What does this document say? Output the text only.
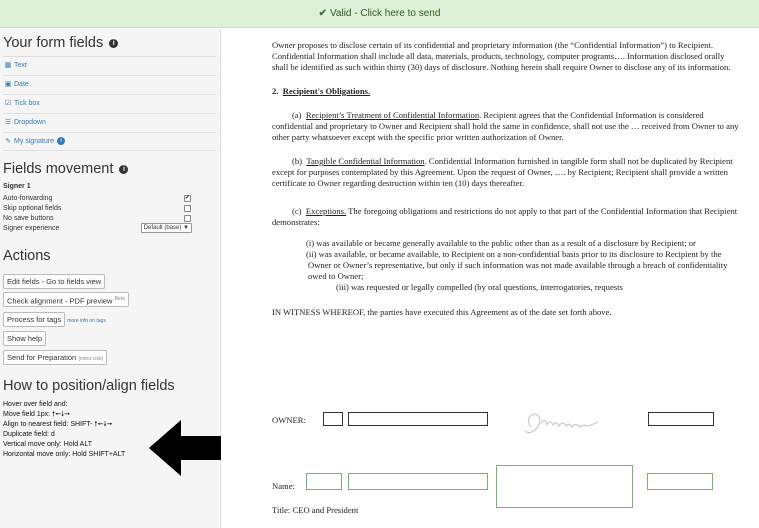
✔ Valid - Click here to send
Your form fields i
▦ Text
▣ Date
☑ Tick box
☰ Dropdown
✎ My signature i
Fields movement i
Signer 1
Auto-forwarding
✔
Skip optional fields
No save buttons
Signer experience	Default (base) ▼
Actions
Edit fields - Go to fields view
Check alignment - PDF preview $^{Beta}$
Process for tags more info on tags
Show help
Send for Preparation (extra cost)
How to position/align fields
Hover over field and:
Move field 1px: 🠕🠔🠗🠖
Align to nearest field: SHIFT- 🠕🠔🠗🠖
Duplicate field: d
Vertical move only: Hold ALT
Horizontal move only: Hold SHIFT+ALT

Owner proposes to disclose certain of its confidential and proprietary information (the “Confidential Information”) to Recipient. Confidential Information shall include all data, materials, products, technology, computer programs…. Information disclosed orally shall be identified as such within thirty (30) days of disclosure. Nothing herein shall require Owner to disclose any of its information.

2. Recipient's Obligations.

(a) Recipient’s Treatment of Confidential Information. Recipient agrees that the Confidential Information is considered confidential and proprietary to Owner and Recipient shall hold the same in confidence, shall not use the … received from Owner to any other party whatsoever except with the specific prior written authorization of Owner.

(b) Tangible Confidential Information. Confidential Information furnished in tangible form shall not be duplicated by Recipient except for purposes contemplated by this Agreement. Upon the request of Owner, …. by Recipient; Recipient shall provide a written certificate to Owner regarding destruction within ten (10) days thereafter.

(c) Exceptions. The foregoing obligations and restrictions do not apply to that part of the Confidential Information that Recipient demonstrates:

(i) was available or became generally available to the public other than as a result of a disclosure by Recipient; or

(ii) was available, or became available, to Recipient on a non-confidential basis prior to its disclosure to Recipient by the Owner or Owner’s representative, but only if such information was not made available through a breach of confidentiality owed to Owner;

(iii) was requested or legally compelled (by oral questions, interrogatories, requests

IN WITNESS WHEREOF, the parties have executed this Agreement as of the date set forth above.

OWNER:
Name:
Title: CEO and President
